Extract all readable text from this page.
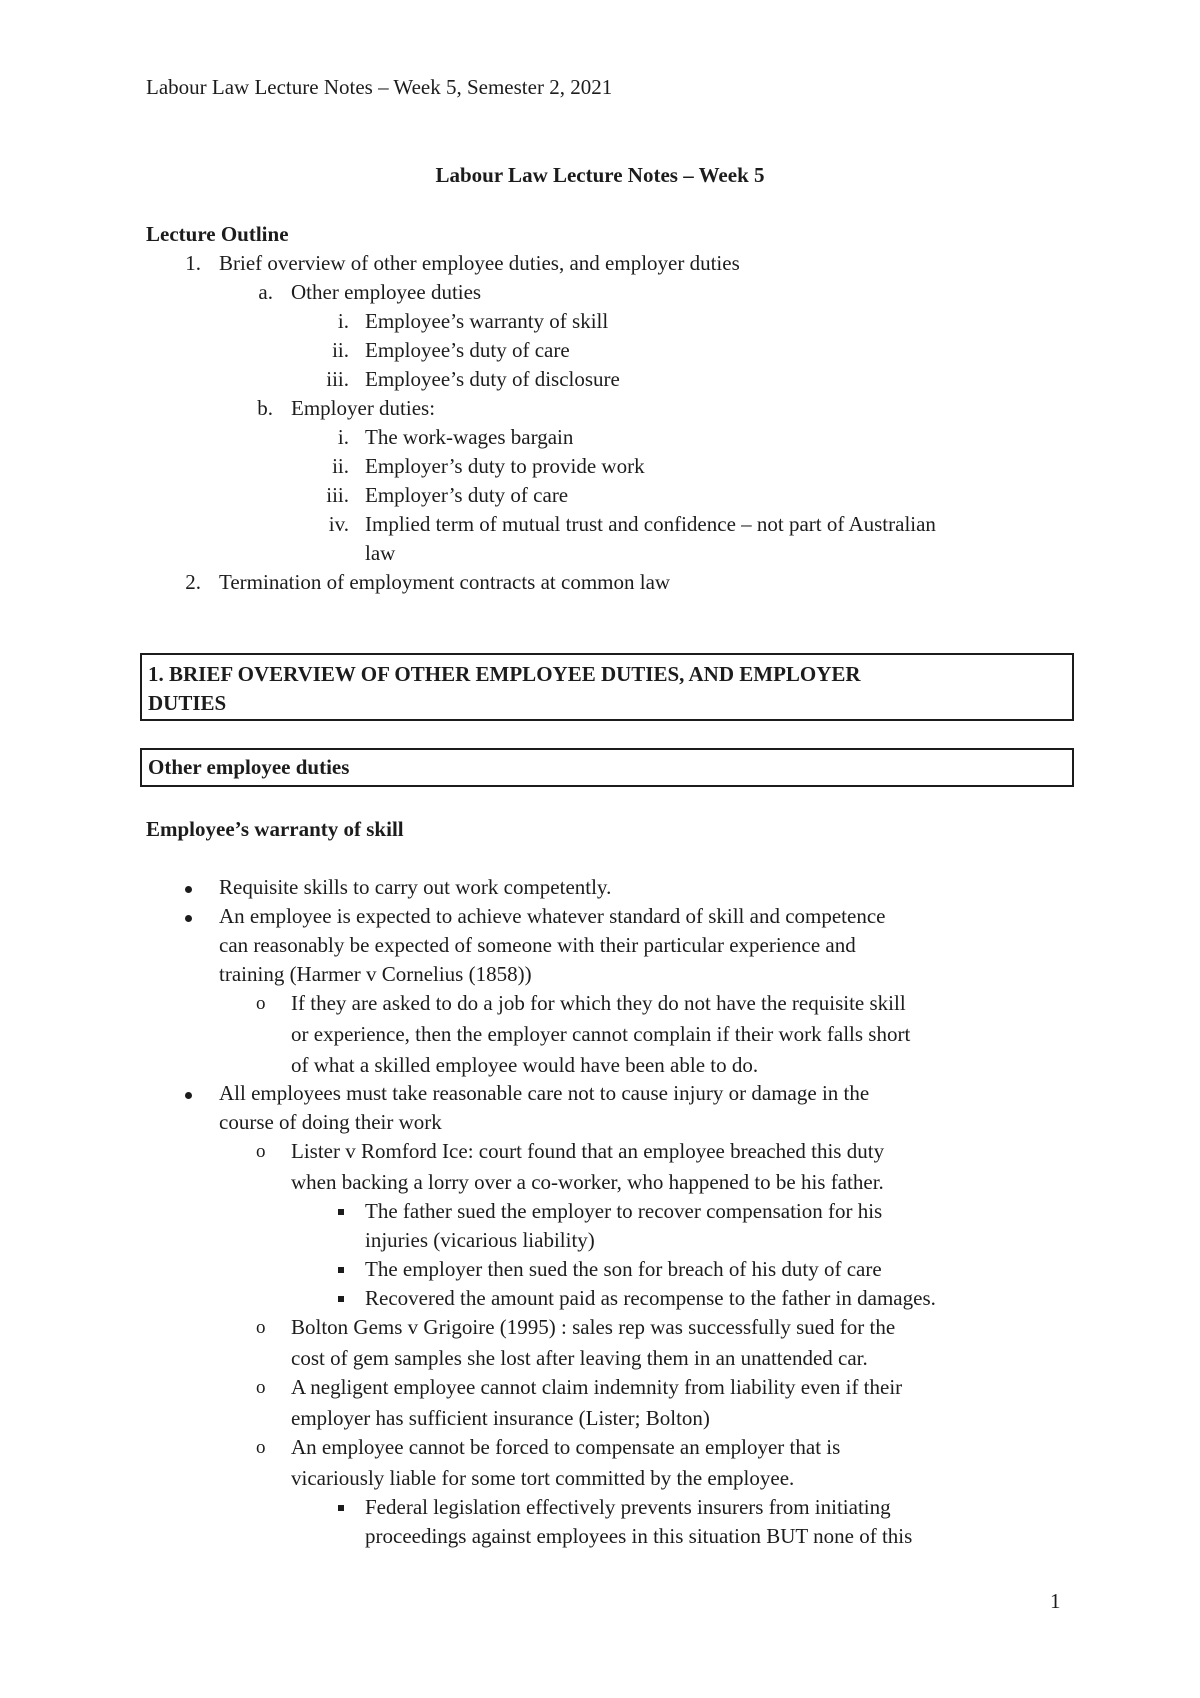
Labour Law Lecture Notes – Week 5, Semester 2, 2021

Labour Law Lecture Notes – Week 5

Lecture Outline

1. Brief overview of other employee duties, and employer duties

a. Other employee duties

i. Employee’s warranty of skill

ii. Employee’s duty of care

iii. Employee’s duty of disclosure

b. Employer duties:

i. The work-wages bargain

ii. Employer’s duty to provide work

iii. Employer’s duty of care

iv. Implied term of mutual trust and confidence – not part of Australian

law

2. Termination of employment contracts at common law

1. BRIEF OVERVIEW OF OTHER EMPLOYEE DUTIES, AND EMPLOYER
DUTIES
Other employee duties

Employee’s warranty of skill

Requisite skills to carry out work competently.

An employee is expected to achieve whatever standard of skill and competence

can reasonably be expected of someone with their particular experience and

training (Harmer v Cornelius (1858))

o If they are asked to do a job for which they do not have the requisite skill

or experience, then the employer cannot complain if their work falls short

of what a skilled employee would have been able to do.

All employees must take reasonable care not to cause injury or damage in the

course of doing their work

o Lister v Romford Ice: court found that an employee breached this duty

when backing a lorry over a co-worker, who happened to be his father.

The father sued the employer to recover compensation for his

injuries (vicarious liability)

The employer then sued the son for breach of his duty of care

Recovered the amount paid as recompense to the father in damages.

o Bolton Gems v Grigoire (1995) : sales rep was successfully sued for the

cost of gem samples she lost after leaving them in an unattended car.

o A negligent employee cannot claim indemnity from liability even if their

employer has sufficient insurance (Lister; Bolton)

o An employee cannot be forced to compensate an employer that is

vicariously liable for some tort committed by the employee.

Federal legislation effectively prevents insurers from initiating

proceedings against employees in this situation BUT none of this

1
